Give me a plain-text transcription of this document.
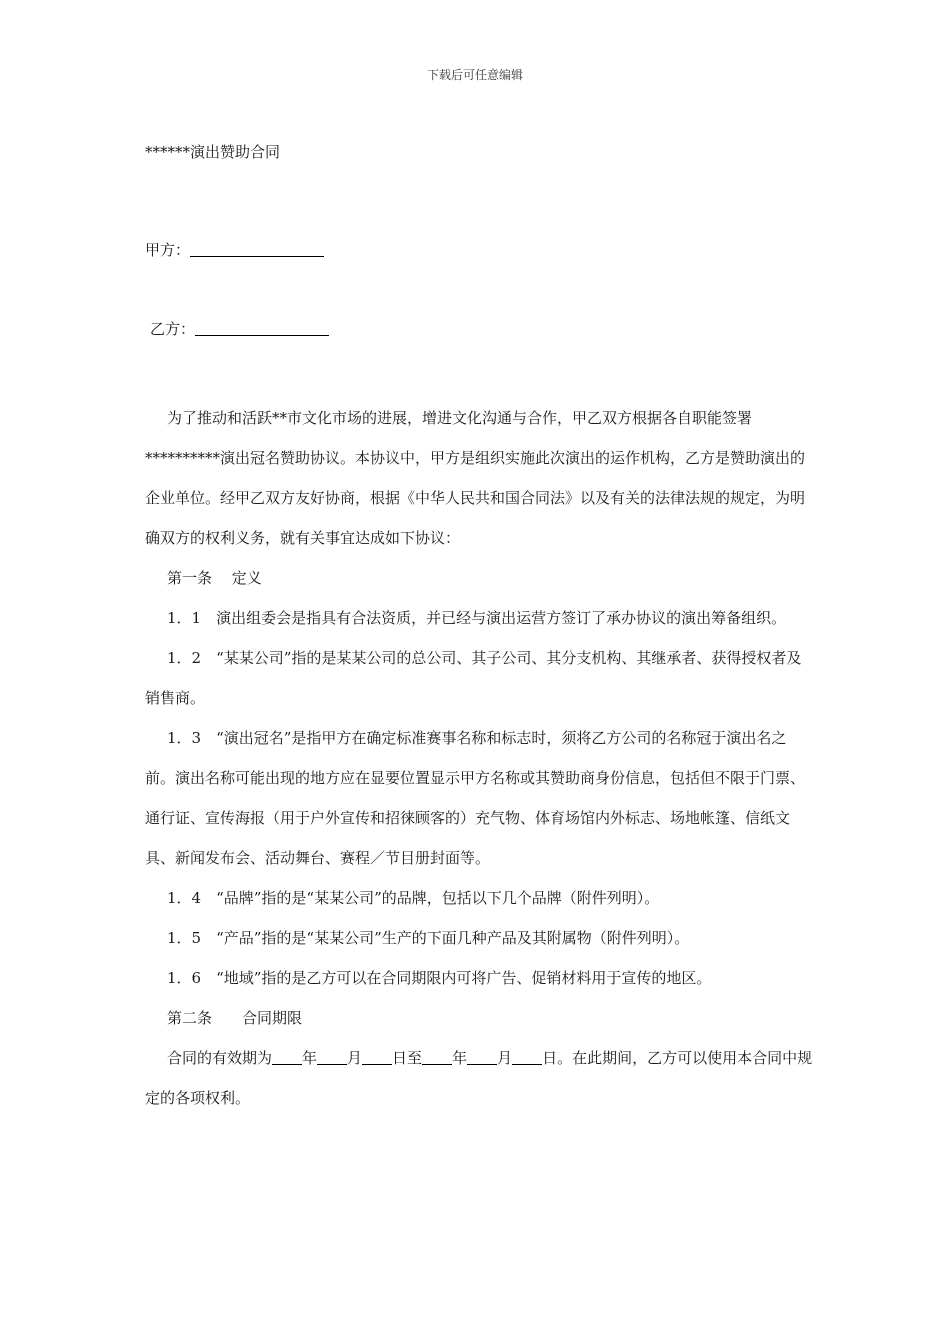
下载后可任意编辑
******演出赞助合同
甲方：
乙方：

为了推动和活跃**市文化市场的进展，增进文化沟通与合作，甲乙双方根据各自职能签署**********演出冠名赞助协议。本协议中，甲方是组织实施此次演出的运作机构，乙方是赞助演出的企业单位。经甲乙双方友好协商，根据《中华人民共和国合同法》以及有关的法律法规的规定，为明确双方的权利义务，就有关事宜达成如下协议：

第一条　 定义

1．1　演出组委会是指具有合法资质，并已经与演出运营方签订了承办协议的演出筹备组织。

1．2　“某某公司”指的是某某公司的总公司、其子公司、其分支机构、其继承者、获得授权者及销售商。

1．3　“演出冠名”是指甲方在确定标准赛事名称和标志时，须将乙方公司的名称冠于演出名之前。演出名称可能出现的地方应在显要位置显示甲方名称或其赞助商身份信息，包括但不限于门票、通行证、宣传海报（用于户外宣传和招徕顾客的）充气物、体育场馆内外标志、场地帐篷、信纸文具、新闻发布会、活动舞台、赛程／节目册封面等。

1．4　“品牌”指的是“某某公司”的品牌，包括以下几个品牌（附件列明）。

1．5　“产品”指的是“某某公司”生产的下面几种产品及其附属物（附件列明）。

1．6　“地域”指的是乙方可以在合同期限内可将广告、促销材料用于宣传的地区。

第二条　　合同期限

合同的有效期为 年 月 日至 年 月 日。在此期间，乙方可以使用本合同中规定的各项权利。
